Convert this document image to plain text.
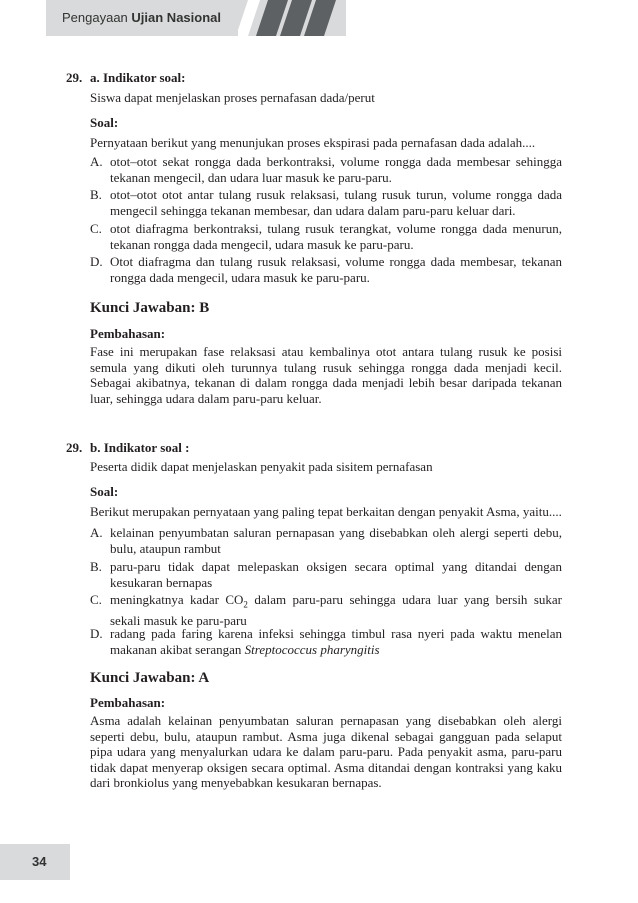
Pengayaan Ujian Nasional
29. a. Indikator soal:
Siswa dapat menjelaskan proses pernafasan dada/perut
Soal:
Pernyataan berikut yang menunjukan proses ekspirasi pada pernafasan dada adalah....
A. otot–otot sekat rongga dada berkontraksi, volume rongga dada membesar sehingga tekanan mengecil, dan udara luar masuk ke paru-paru.
B. otot–otot otot antar tulang rusuk relaksasi, tulang rusuk turun, volume rongga dada mengecil sehingga tekanan membesar, dan udara dalam paru-paru keluar dari.
C. otot diafragma berkontraksi, tulang rusuk terangkat, volume rongga dada menurun, tekanan rongga dada mengecil, udara masuk ke paru-paru.
D. Otot diafragma dan tulang rusuk relaksasi, volume rongga dada membesar, tekanan rongga dada mengecil, udara masuk ke paru-paru.
Kunci Jawaban: B
Pembahasan:
Fase ini merupakan fase relaksasi atau kembalinya otot antara tulang rusuk ke posisi semula yang dikuti oleh turunnya tulang rusuk sehingga rongga dada menjadi kecil. Sebagai akibatnya, tekanan di dalam rongga dada menjadi lebih besar daripada tekanan luar, sehingga udara dalam paru-paru keluar.
29. b. Indikator soal :
Peserta didik dapat menjelaskan penyakit pada sisitem pernafasan
Soal:
Berikut merupakan pernyataan yang paling tepat berkaitan dengan penyakit Asma, yaitu....
A. kelainan penyumbatan saluran pernapasan yang disebabkan oleh alergi seperti debu, bulu, ataupun rambut
B. paru-paru tidak dapat melepaskan oksigen secara optimal yang ditandai dengan kesukaran bernapas
C. meningkatnya kadar $CO_2$ dalam paru-paru sehingga udara luar yang bersih sukar sekali masuk ke paru-paru
D. radang pada faring karena infeksi sehingga timbul rasa nyeri pada waktu menelan makanan akibat serangan Streptococcus pharyngitis
Kunci Jawaban: A
Pembahasan:
Asma adalah kelainan penyumbatan saluran pernapasan yang disebabkan oleh alergi seperti debu, bulu, ataupun rambut. Asma juga dikenal sebagai gangguan pada selaput pipa udara yang menyalurkan udara ke dalam paru-paru. Pada penyakit asma, paru-paru tidak dapat menyerap oksigen secara optimal. Asma ditandai dengan kontraksi yang kaku dari bronkiolus yang menyebabkan kesukaran bernapas.
34
